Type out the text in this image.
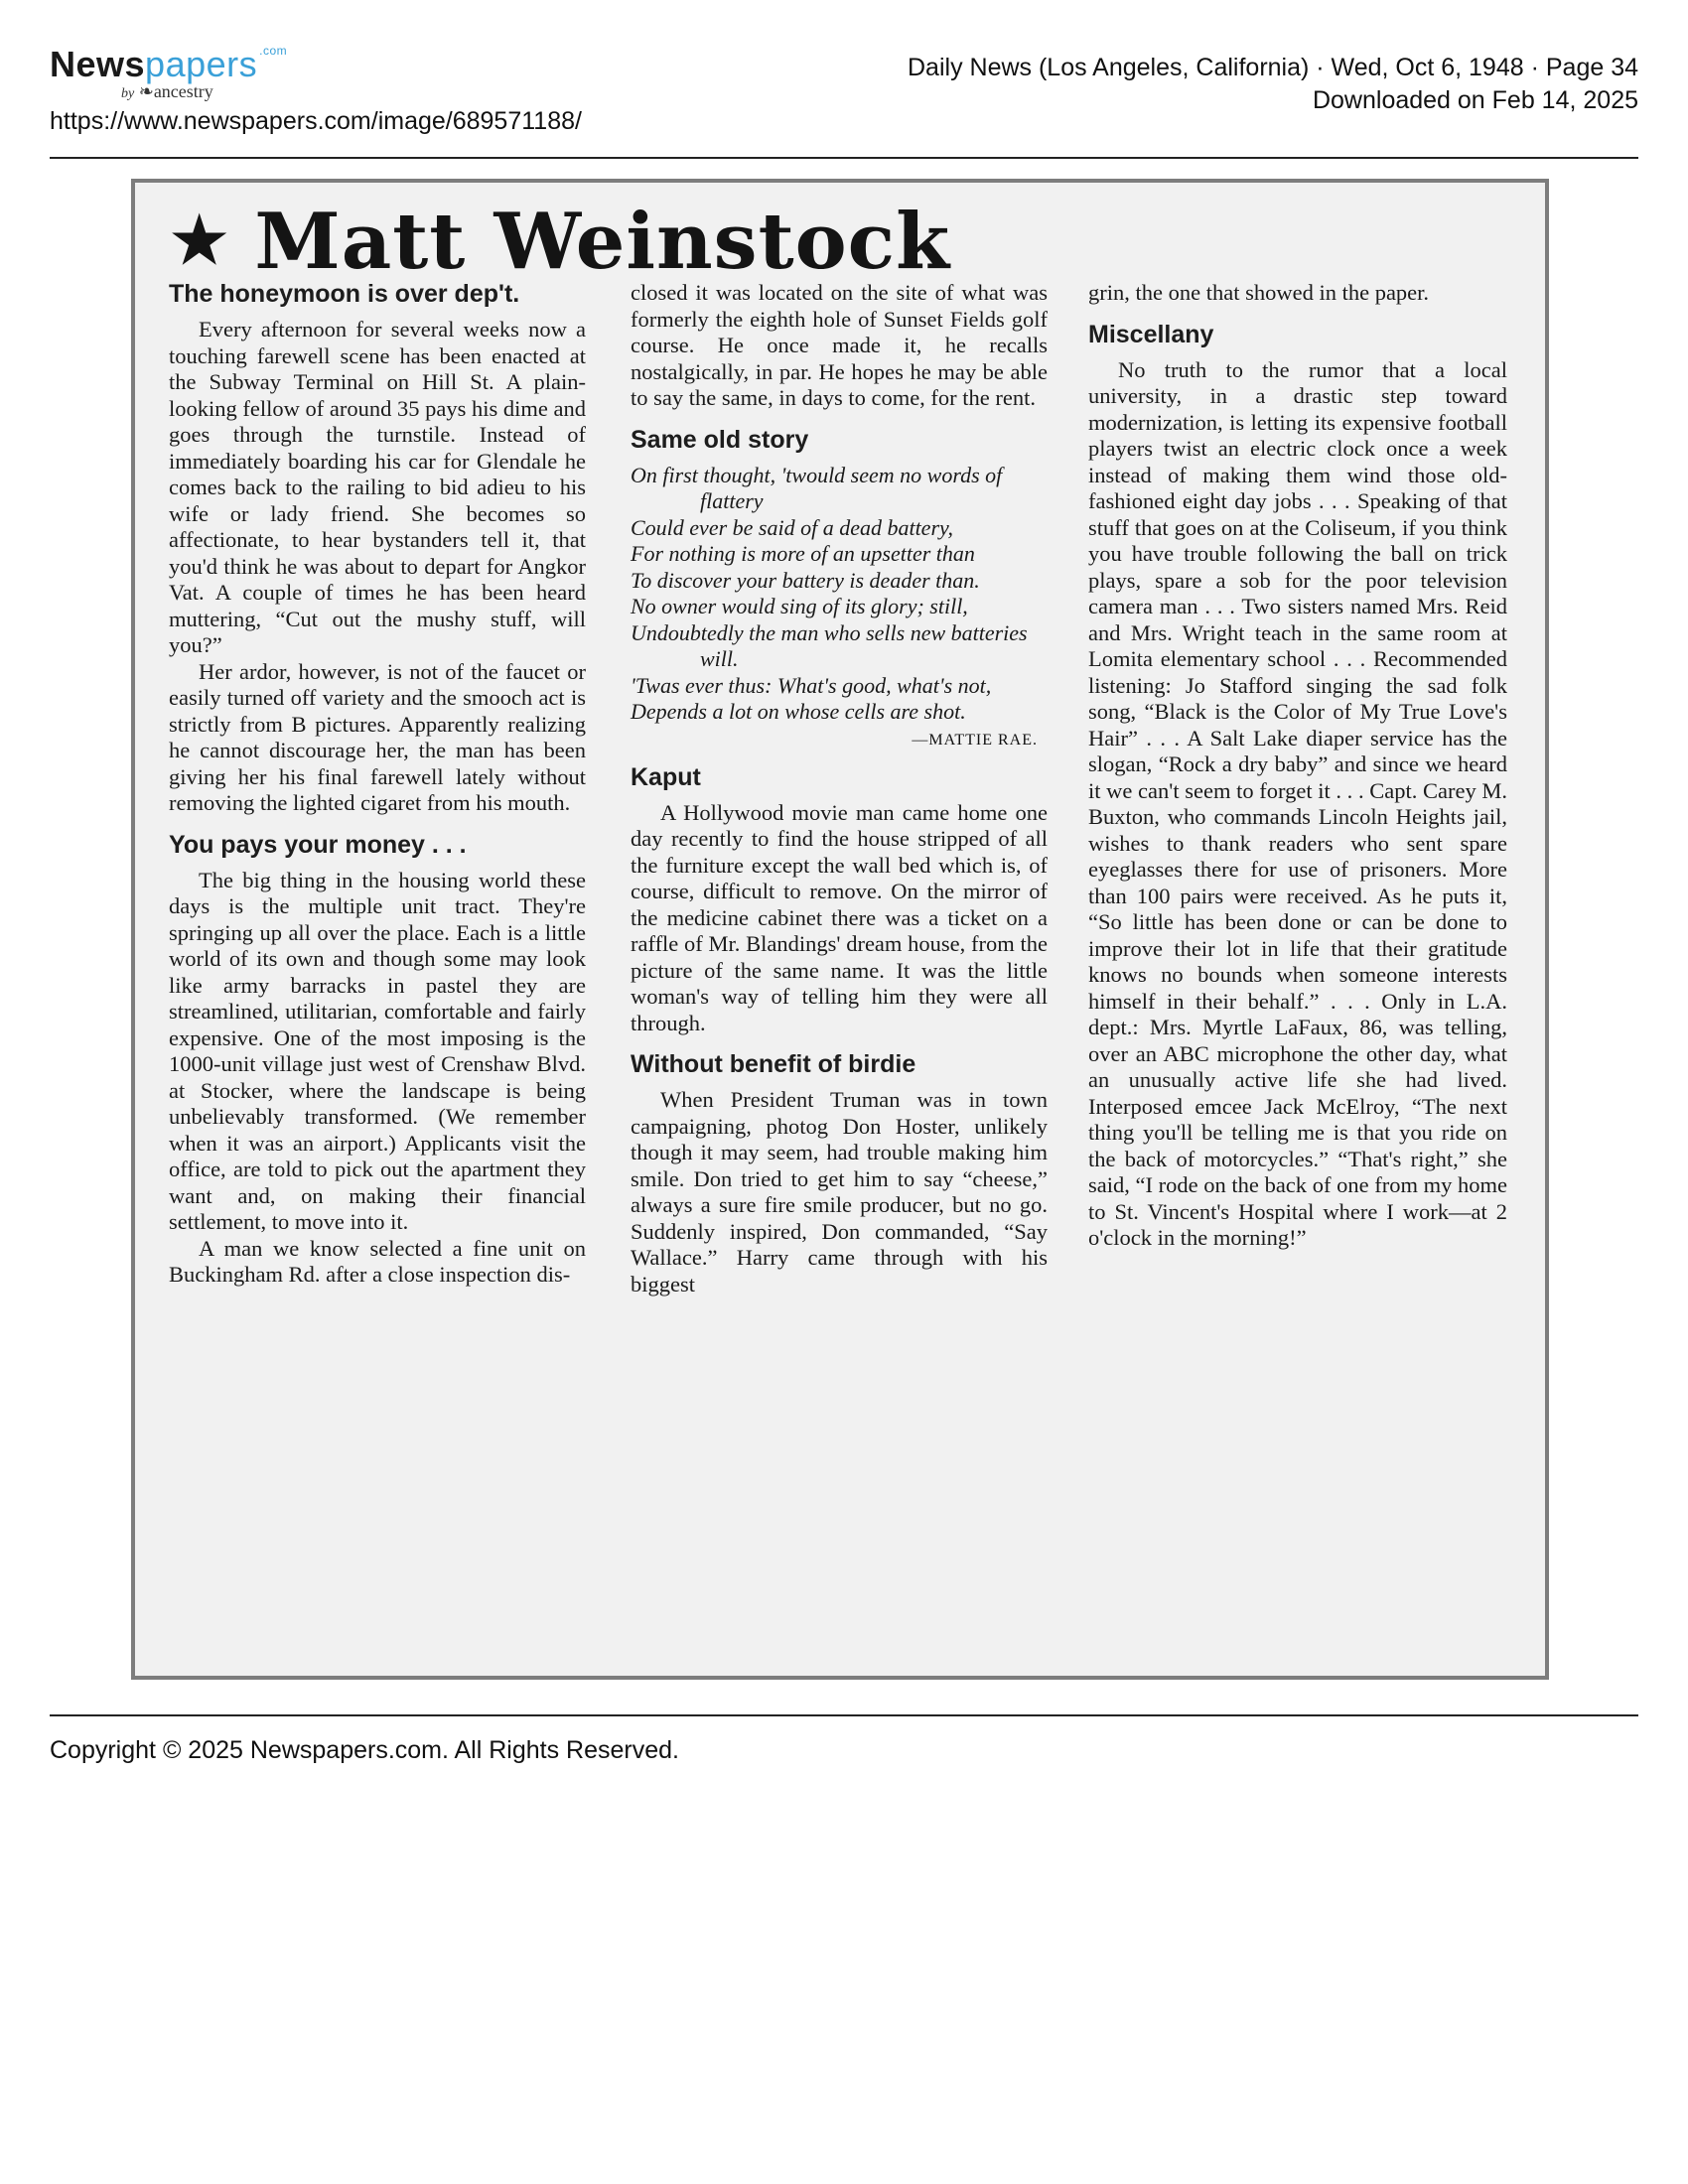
Newspapers $^{.com}$
by ❧ancestry
https://www.newspapers.com/image/689571188/
Daily News (Los Angeles, California) · Wed, Oct 6, 1948 · Page 34
Downloaded on Feb 14, 2025
★ Matt Weinstock
The honeymoon is over dep't.

Every afternoon for several weeks now a touching farewell scene has been enacted at the Subway Terminal on Hill St. A plain-looking fellow of around 35 pays his dime and goes through the turnstile. Instead of immediately boarding his car for Glendale he comes back to the railing to bid adieu to his wife or lady friend. She becomes so affectionate, to hear bystanders tell it, that you'd think he was about to depart for Angkor Vat. A couple of times he has been heard muttering, “Cut out the mushy stuff, will you?”

Her ardor, however, is not of the faucet or easily turned off variety and the smooch act is strictly from B pictures. Apparently realizing he cannot discourage her, the man has been giving her his final farewell lately without removing the lighted cigaret from his mouth.

You pays your money . . .

The big thing in the housing world these days is the multiple unit tract. They're springing up all over the place. Each is a little world of its own and though some may look like army barracks in pastel they are streamlined, utilitarian, comfortable and fairly expensive. One of the most imposing is the 1000-unit village just west of Crenshaw Blvd. at Stocker, where the landscape is being unbelievably transformed. (We remember when it was an airport.) Applicants visit the office, are told to pick out the apartment they want and, on making their financial settlement, to move into it.

A man we know selected a fine unit on Buckingham Rd. after a close inspection dis-

closed it was located on the site of what was formerly the eighth hole of Sunset Fields golf course. He once made it, he recalls nostalgically, in par. He hopes he may be able to say the same, in days to come, for the rent.

Same old story
On first thought, 'twould seem no words of flattery
Could ever be said of a dead battery,
For nothing is more of an upsetter than
To discover your battery is deader than.
No owner would sing of its glory; still,
Undoubtedly the man who sells new batteries will.
'Twas ever thus: What's good, what's not,
Depends a lot on whose cells are shot.
—MATTIE RAE.
Kaput

A Hollywood movie man came home one day recently to find the house stripped of all the furniture except the wall bed which is, of course, difficult to remove. On the mirror of the medicine cabinet there was a ticket on a raffle of Mr. Blandings' dream house, from the picture of the same name. It was the little woman's way of telling him they were all through.

Without benefit of birdie

When President Truman was in town campaigning, photog Don Hoster, unlikely though it may seem, had trouble making him smile. Don tried to get him to say “cheese,” always a sure fire smile producer, but no go. Suddenly inspired, Don commanded, “Say Wallace.” Harry came through with his biggest

grin, the one that showed in the paper.

Miscellany

No truth to the rumor that a local university, in a drastic step toward modernization, is letting its expensive football players twist an electric clock once a week instead of making them wind those old-fashioned eight day jobs . . . Speaking of that stuff that goes on at the Coliseum, if you think you have trouble following the ball on trick plays, spare a sob for the poor television camera man . . . Two sisters named Mrs. Reid and Mrs. Wright teach in the same room at Lomita elementary school . . . Recommended listening: Jo Stafford singing the sad folk song, “Black is the Color of My True Love's Hair” . . . A Salt Lake diaper service has the slogan, “Rock a dry baby” and since we heard it we can't seem to forget it . . . Capt. Carey M. Buxton, who commands Lincoln Heights jail, wishes to thank readers who sent spare eyeglasses there for use of prisoners. More than 100 pairs were received. As he puts it, “So little has been done or can be done to improve their lot in life that their gratitude knows no bounds when someone interests himself in their behalf.” . . . Only in L.A. dept.: Mrs. Myrtle LaFaux, 86, was telling, over an ABC microphone the other day, what an unusually active life she had lived. Interposed emcee Jack McElroy, “The next thing you'll be telling me is that you ride on the back of motorcycles.” “That's right,” she said, “I rode on the back of one from my home to St. Vincent's Hospital where I work—at 2 o'clock in the morning!”

Copyright © 2025 Newspapers.com. All Rights Reserved.
